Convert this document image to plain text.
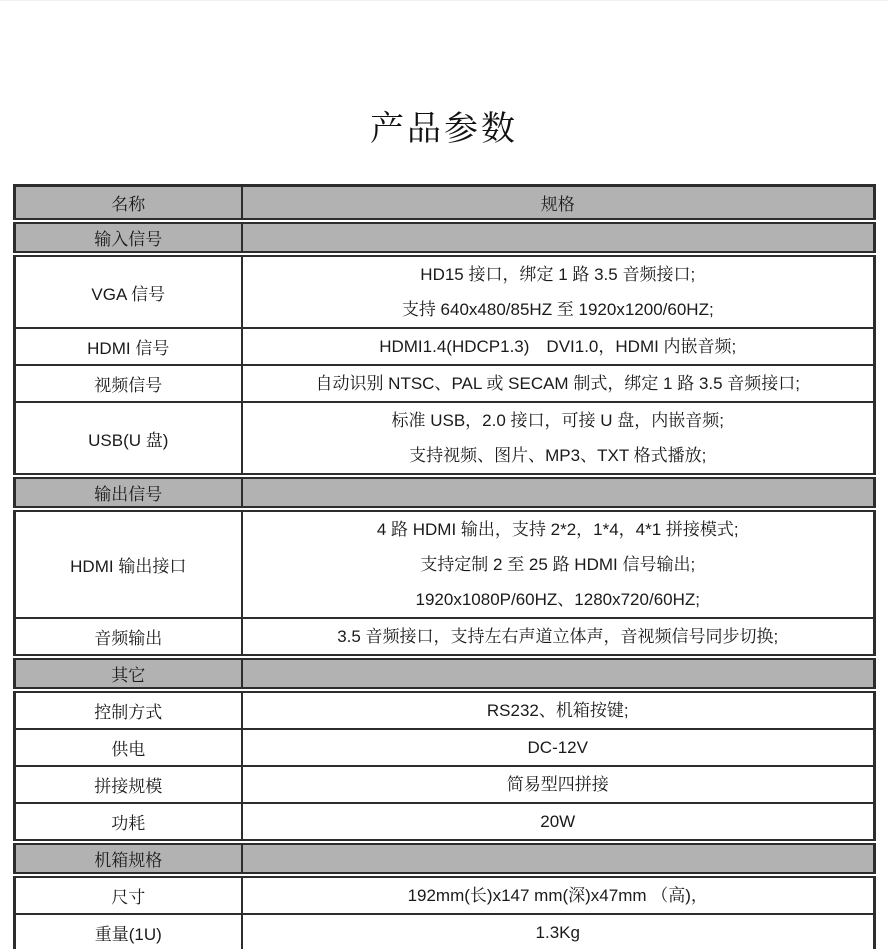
产品参数
名称	规格
输入信号	
VGA 信号	HD15 接口，绑定 1 路 3.5 音频接口;
支持 640x480/85HZ 至 1920x1200/60HZ;

HDMI 信号	HDMI1.4(HDCP1.3)　DVI1.0，HDMI 内嵌音频;

视频信号	自动识别 NTSC、PAL 或 SECAM 制式，绑定 1 路 3.5 音频接口;

USB(U 盘)	标准 USB，2.0 接口，可接 U 盘，内嵌音频;
支持视频、图片、MP3、TXT 格式播放;

输出信号	
HDMI 输出接口	4 路 HDMI 输出，支持 2*2，1*4，4*1 拼接模式;
支持定制 2 至 25 路 HDMI 信号输出;
1920x1080P/60HZ、1280x720/60HZ;

音频输出	3.5 音频接口，支持左右声道立体声，音视频信号同步切换;

其它	
控制方式	RS232、机箱按键;

供电	DC-12V

拼接规模	简易型四拼接

功耗	20W

机箱规格	
尺寸	192mm(长)x147 mm(深)x47mm （高)，

重量(1U)	1.3Kg
